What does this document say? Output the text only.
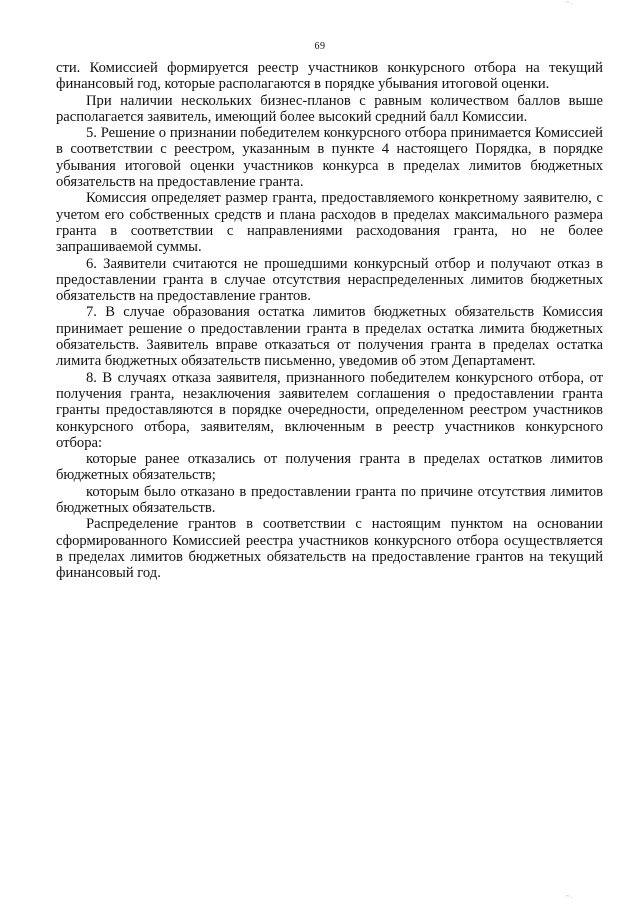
~ .
69

сти. Комиссией формируется реестр участников конкурсного отбора на текущий финансовый год, которые располагаются в порядке убывания итоговой оценки.

При наличии нескольких бизнес-планов с равным количеством баллов выше располагается заявитель, имеющий более высокий средний балл Комиссии.

5. Решение о признании победителем конкурсного отбора принимается Комиссией в соответствии с реестром, указанным в пункте 4 настоящего Порядка, в порядке убывания итоговой оценки участников конкурса в пределах лимитов бюджетных обязательств на предоставление гранта.

Комиссия определяет размер гранта, предоставляемого конкретному заявителю, с учетом его собственных средств и плана расходов в пределах максимального размера гранта в соответствии с направлениями расходования гранта, но не более запрашиваемой суммы.

6. Заявители считаются не прошедшими конкурсный отбор и получают отказ в предоставлении гранта в случае отсутствия нераспределенных лимитов бюджетных обязательств на предоставление грантов.

7. В случае образования остатка лимитов бюджетных обязательств Комиссия принимает решение о предоставлении гранта в пределах остатка лимита бюджетных обязательств. Заявитель вправе отказаться от получения гранта в пределах остатка лимита бюджетных обязательств письменно, уведомив об этом Департамент.

8. В случаях отказа заявителя, признанного победителем конкурсного отбора, от получения гранта, незаключения заявителем соглашения о предоставлении гранта гранты предоставляются в порядке очередности, определенном реестром участников конкурсного отбора, заявителям, включенным в реестр участников конкурсного отбора:

которые ранее отказались от получения гранта в пределах остатков лимитов бюджетных обязательств;

которым было отказано в предоставлении гранта по причине отсутствия лимитов бюджетных обязательств.

Распределение грантов в соответствии с настоящим пунктом на основании сформированного Комиссией реестра участников конкурсного отбора осуществляется в пределах лимитов бюджетных обязательств на предоставление грантов на текущий финансовый год.

~ .
